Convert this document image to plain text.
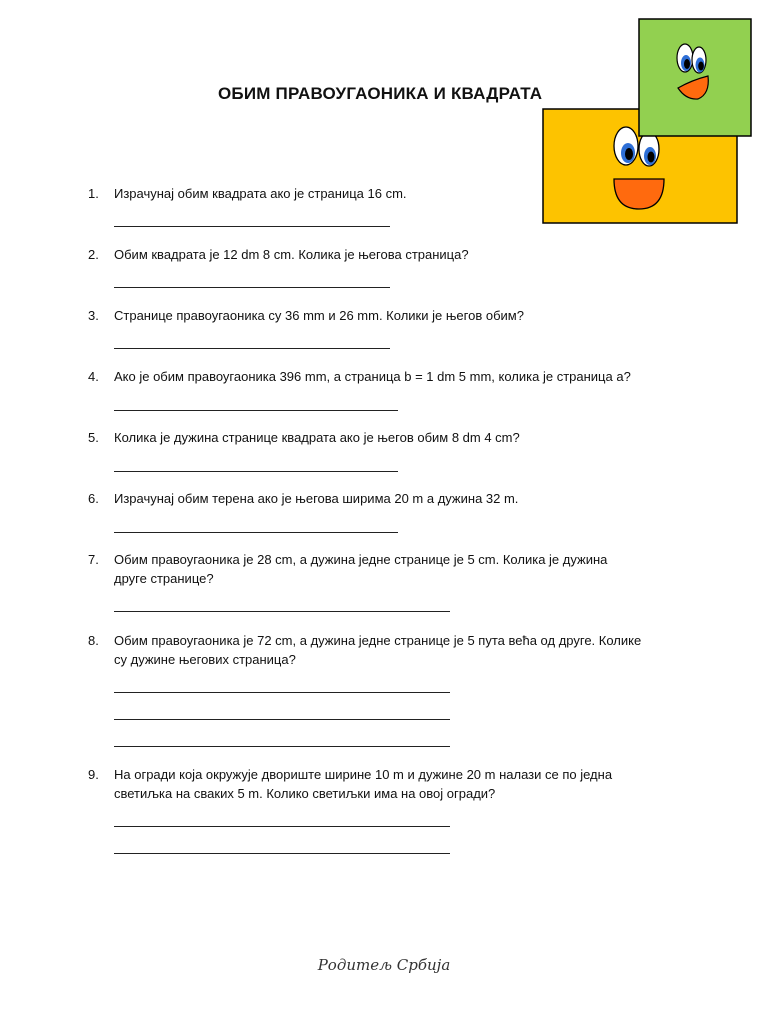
ОБИМ ПРАВОУГАОНИКА И КВАДРАТА
1.	Израчунај обим квадрата ако је страница 16 cm.
2.	Обим квадрата је 12 dm 8 cm. Колика је његова страница?
3.	Странице правоугаоника су 36 mm и 26 mm. Колики је његов обим?
4.	Ако је обим правоугаоника 396 mm, а страница b = 1 dm 5 mm, колика је страница а?
5.	Колика је дужина странице квадрата ако је његов обим 8 dm 4 cm?
6.	Израчунај обим терена ако је његова ширима 20 m а дужина 32 m.
7.	Обим правоугаоника је 28 cm, а дужина једне странице је 5 cm. Колика је дужина
друге странице?
8.	Обим правоугаоника је 72 cm, а дужина једне странице је 5 пута већа од друге. Колике
су дужине његових страница?
9.	На огради која окружује двориште ширине 10 m и дужине 20 m налази се по једна
светиљка на сваких 5 m. Колико светиљки има на овој огради?
Родитељ Србија
